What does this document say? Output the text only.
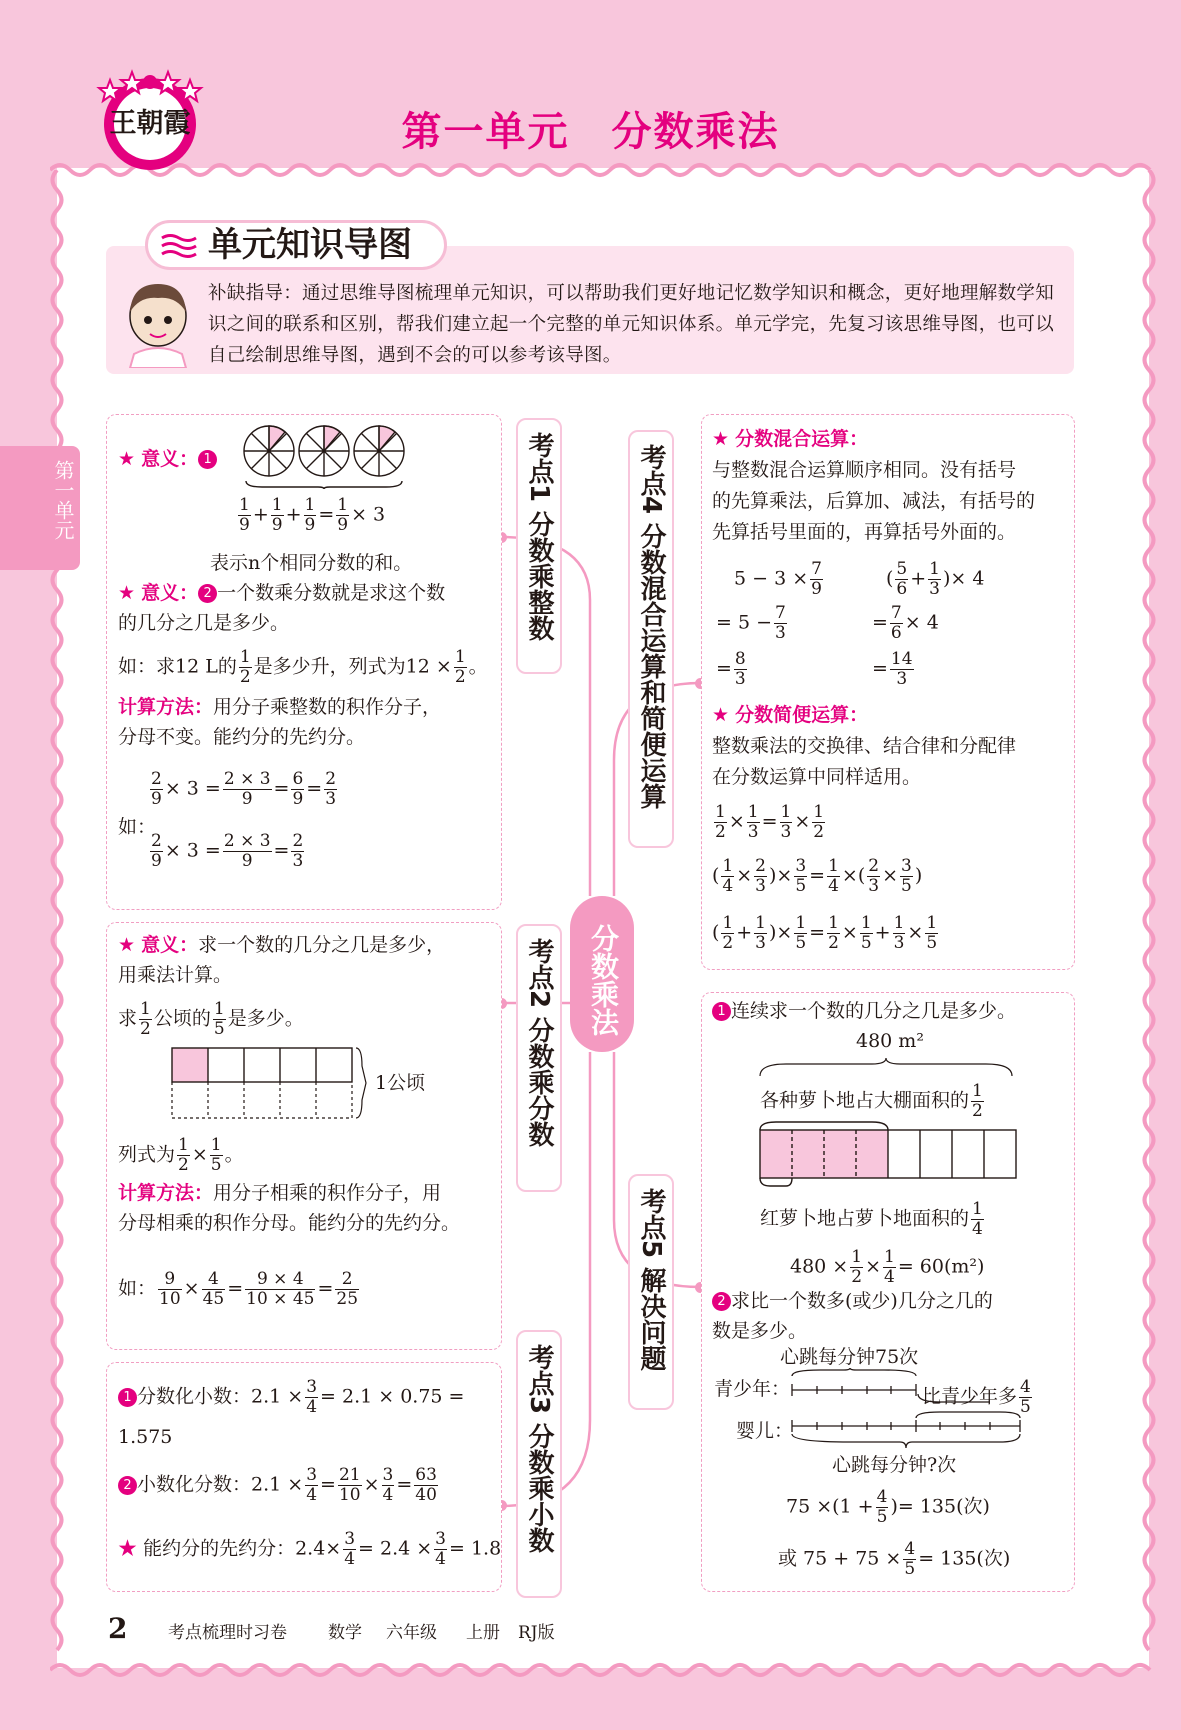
王朝霞	第一单元　分数乘法
第一单元
单元知识导图
补缺指导：通过思维导图梳理单元知识，可以帮助我们更好地记忆数学知识和概念，更好地理解数学知识之间的联系和区别，帮我们建立起一个完整的单元知识体系。单元学完，先复习该思维导图，也可以自己绘制思维导图，遇到不会的可以参考该导图。
分数乘法
考点1

分数乘整数
考点2

分数乘分数
考点3

分数乘小数
考点4

分数混合运算和简便运算
考点5

解决问题
★ 意义： 1
$\frac{1}{9} + \frac{1}{9} + \frac{1}{9} = \frac{1}{9} \times 3$
表示n个相同分数的和。
★ 意义： 2 一个数乘分数就是求这个数
的几分之几是多少。
如：求12 L的 $\frac{1}{2}$ 是多少升，列式为$12 \times \frac{1}{2}$ 。
计算方法：用分子乘整数的积作分子，
分母不变。能约分的先约分。
如：
$\frac{2}{9} \times 3 = \frac{2 \times 3}{9} = \frac{6}{9} = \frac{2}{3}$
$\frac{2}{9} \times 3 = \frac{2 \times 3}{9} = \frac{2}{3}$
★ 意义：求一个数的几分之几是多少，
用乘法计算。
求 $\frac{1}{2}$ 公顷的 $\frac{1}{5}$ 是多少。
1公顷
列式为 $\frac{1}{2} \times \frac{1}{5}$ 。
计算方法：用分子相乘的积作分子，用
分母相乘的积作分母。能约分的先约分。
如： $\frac{9}{10} \times \frac{4}{45} = \frac{9 \times 4}{10 \times 45} = \frac{2}{25}$
1 分数化小数：$2.1 \times \frac{3}{4} = 2.1 \times 0.75$ =
1.575
2 小数化分数：$2.1 \times \frac{3}{4} = \frac{21}{10} \times \frac{3}{4} = \frac{63}{40}$
★ 能约分的先约分：$2.4\times \frac{3}{4} = 2.4 \times \frac{3}{4} = 1.8$
★ 分数混合运算：
与整数混合运算顺序相同。没有括号
的先算乘法，后算加、减法，有括号的
先算括号里面的，再算括号外面的。
$5 - 3 \times \frac{7}{9}$
= $5 - \frac{7}{3}$
= $\frac{8}{3}$
( $\frac{5}{6} + \frac{1}{3}$ )× 4
= $\frac{7}{6} \times 4$
= $\frac{14}{3}$
★ 分数简便运算：
整数乘法的交换律、结合律和分配律
在分数运算中同样适用。
$\frac{1}{2} \times \frac{1}{3} = \frac{1}{3} \times \frac{1}{2}$
( $\frac{1}{4} \times \frac{2}{3}$ )× $\frac{3}{5} = \frac{1}{4}$ ×( $\frac{2}{3} \times \frac{3}{5}$ )
( $\frac{1}{2} + \frac{1}{3}$ )× $\frac{1}{5} = \frac{1}{2} \times \frac{1}{5} + \frac{1}{3} \times \frac{1}{5}$
1 连续求一个数的几分之几是多少。
480 m²
各种萝卜地占大棚面积的 $\frac{1}{2}$
红萝卜地占萝卜地面积的 $\frac{1}{4}$
$480 \times \frac{1}{2} \times \frac{1}{4} = 60(m^2)$
2 求比一个数多(或少)几分之几的
数是多少。
心跳每分钟75次
青少年：
婴儿：
比青少年多 $\frac{4}{5}$
心跳每分钟?次
$75 \times(1 + \frac{4}{5}$ )= 135(次)
或 $75 + 75 \times \frac{4}{5} = 135$(次)
2 考点梳理时习卷 数学 六年级 上册 RJ版
